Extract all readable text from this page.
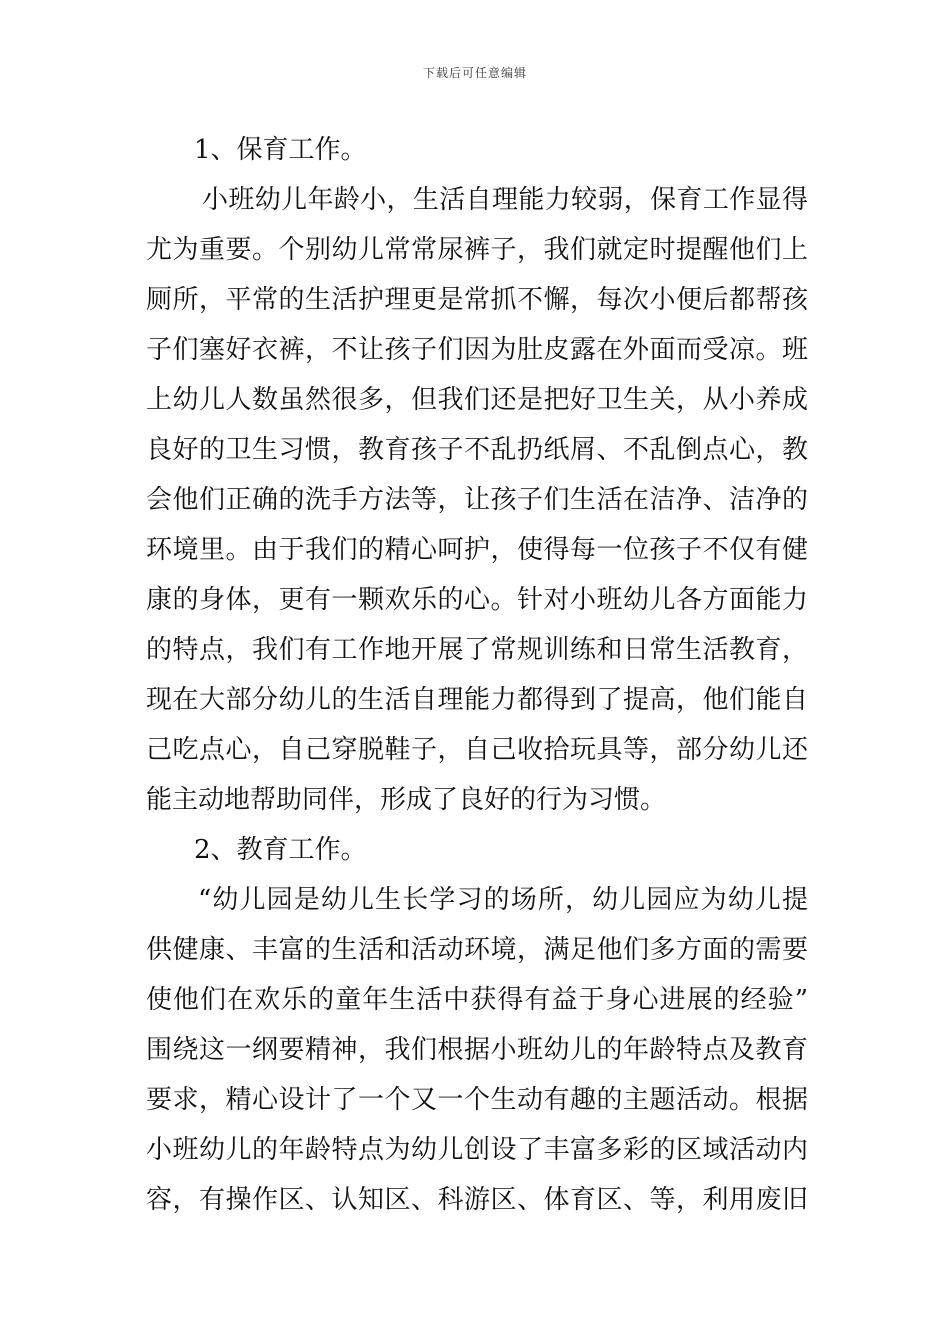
下载后可任意编辑
1、保育工作。
小班幼儿年龄小，生活自理能力较弱，保育工作显得
尤为重要。个别幼儿常常尿裤子，我们就定时提醒他们上
厕所，平常的生活护理更是常抓不懈，每次小便后都帮孩
子们塞好衣裤，不让孩子们因为肚皮露在外面而受凉。班
上幼儿人数虽然很多，但我们还是把好卫生关，从小养成
良好的卫生习惯，教育孩子不乱扔纸屑、不乱倒点心，教
会他们正确的洗手方法等，让孩子们生活在洁净、洁净的
环境里。由于我们的精心呵护，使得每一位孩子不仅有健
康的身体，更有一颗欢乐的心。针对小班幼儿各方面能力
的特点，我们有工作地开展了常规训练和日常生活教育，
现在大部分幼儿的生活自理能力都得到了提高，他们能自
己吃点心，自己穿脱鞋子，自己收拾玩具等，部分幼儿还
能主动地帮助同伴，形成了良好的行为习惯。
2、教育工作。
“幼儿园是幼儿生长学习的场所，幼儿园应为幼儿提
供健康、丰富的生活和活动环境，满足他们多方面的需要
使他们在欢乐的童年生活中获得有益于身心进展的经验”
围绕这一纲要精神，我们根据小班幼儿的年龄特点及教育
要求，精心设计了一个又一个生动有趣的主题活动。根据
小班幼儿的年龄特点为幼儿创设了丰富多彩的区域活动内
容，有操作区、认知区、科游区、体育区、等，利用废旧
